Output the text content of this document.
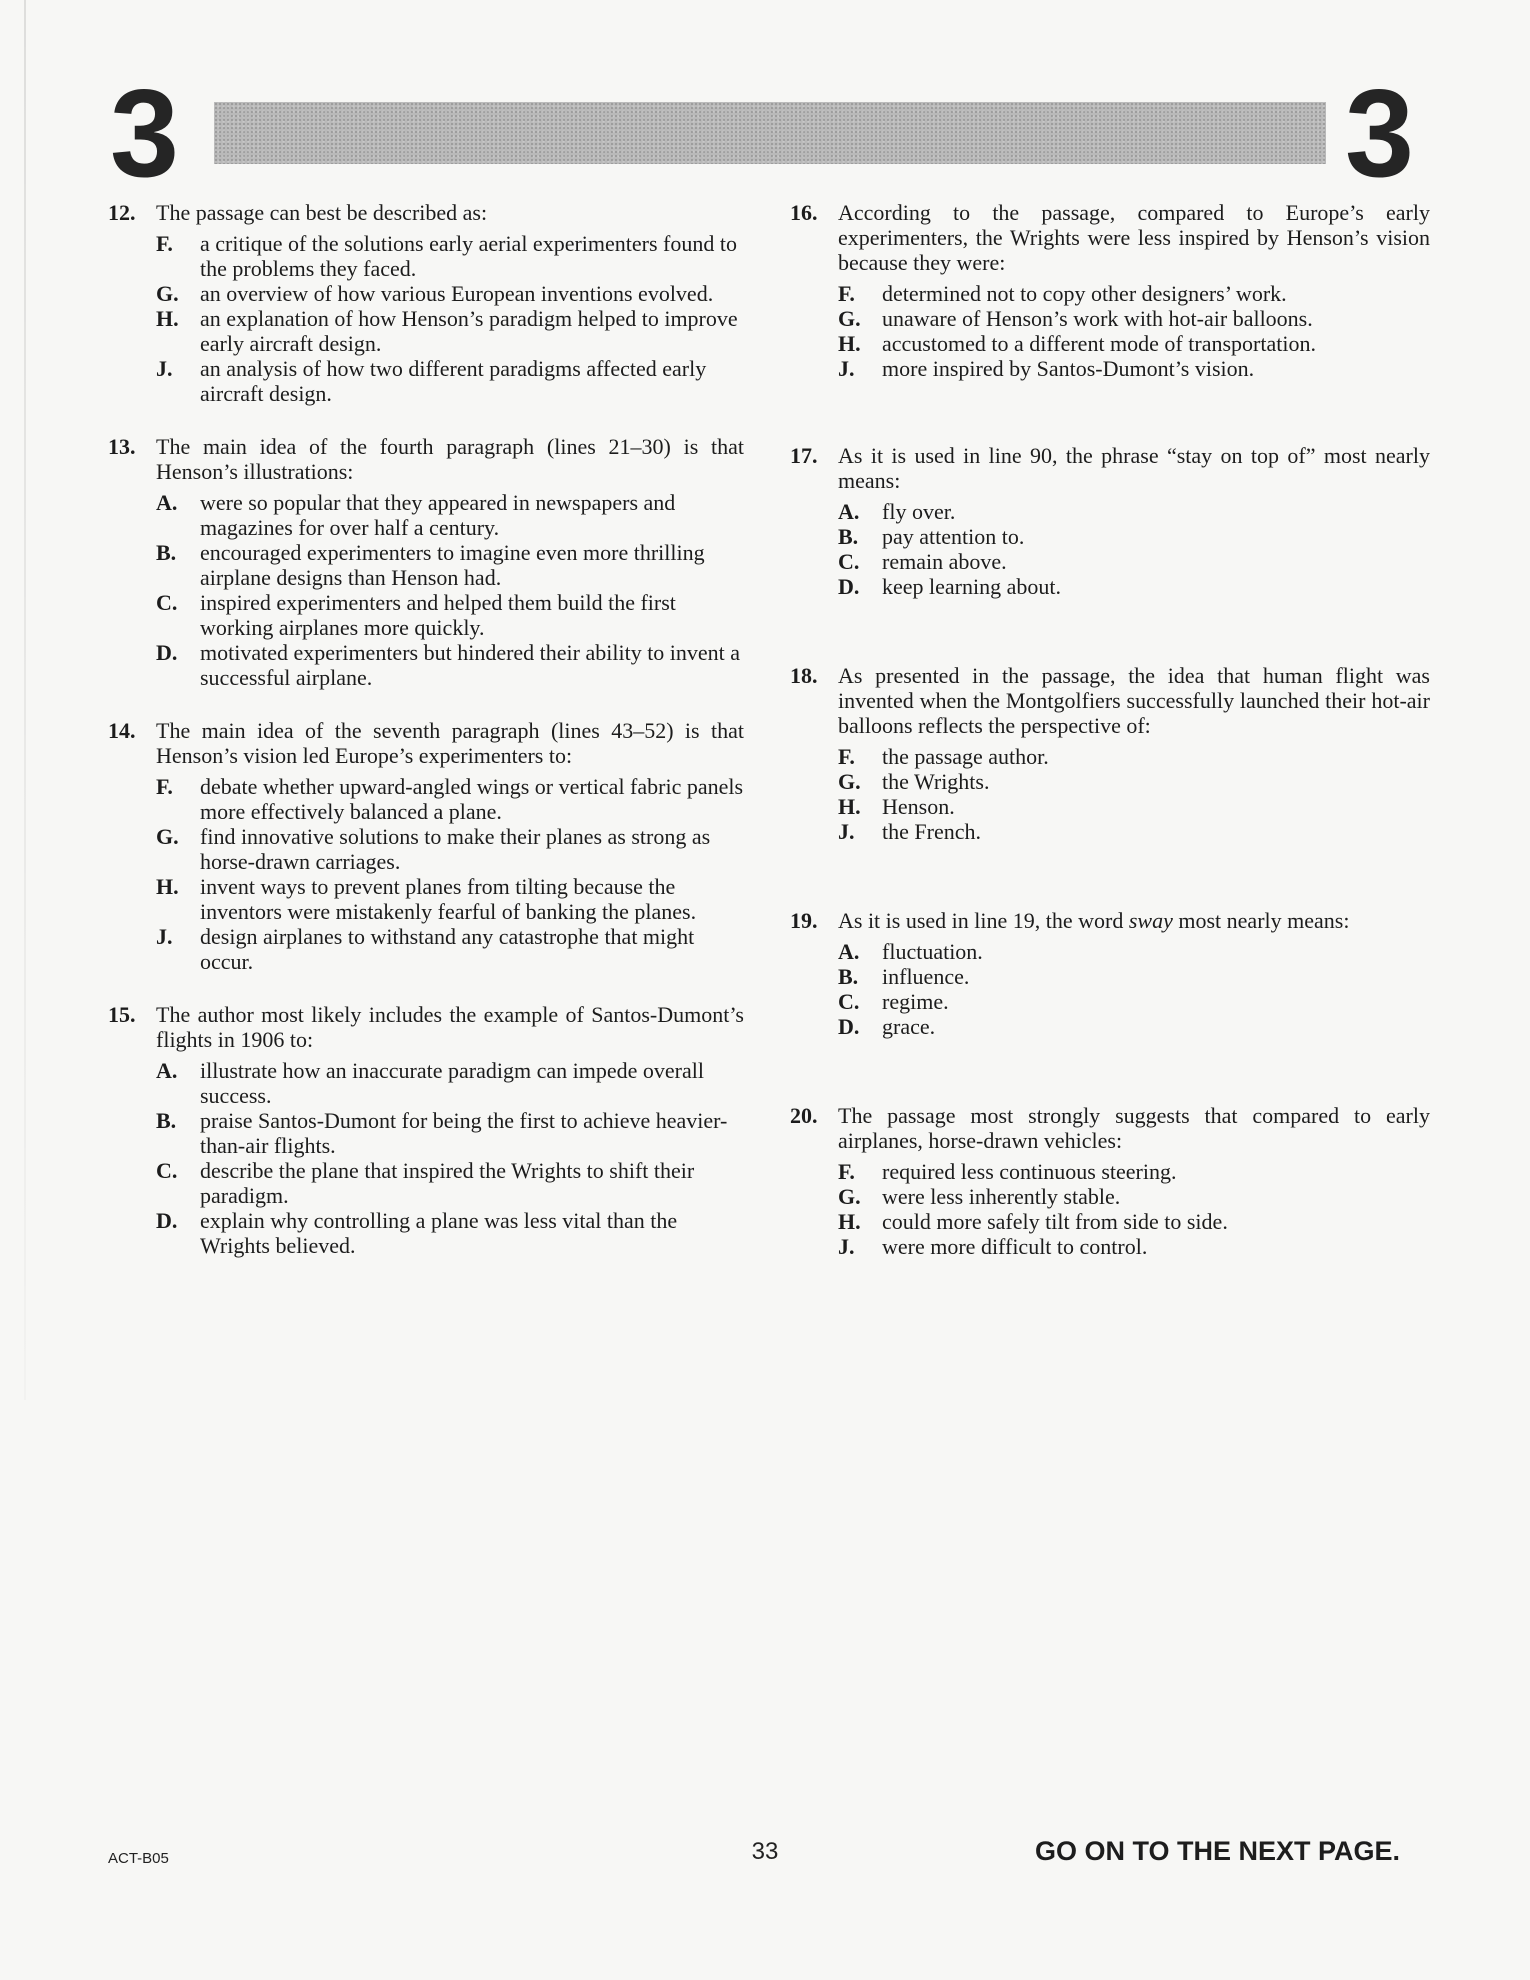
3	3
12. The passage can best be described as:
F. a critique of the solutions early aerial experimenters found to the problems they faced.
G. an overview of how various European inventions evolved.
H. an explanation of how Henson’s paradigm helped to improve early aircraft design.
J. an analysis of how two different paradigms affected early aircraft design.
13. The main idea of the fourth paragraph (lines 21–30) is that Henson’s illustrations:
A. were so popular that they appeared in newspapers and magazines for over half a century.
B. encouraged experimenters to imagine even more thrilling airplane designs than Henson had.
C. inspired experimenters and helped them build the first working airplanes more quickly.
D. motivated experimenters but hindered their ability to invent a successful airplane.
14. The main idea of the seventh paragraph (lines 43–52) is that Henson’s vision led Europe’s experimenters to:
F. debate whether upward-angled wings or vertical fabric panels more effectively balanced a plane.
G. find innovative solutions to make their planes as strong as horse-drawn carriages.
H. invent ways to prevent planes from tilting because the inventors were mistakenly fearful of banking the planes.
J. design airplanes to withstand any catastrophe that might occur.
15. The author most likely includes the example of Santos-Dumont’s flights in 1906 to:
A. illustrate how an inaccurate paradigm can impede overall success.
B. praise Santos-Dumont for being the first to achieve heavier-than-air flights.
C. describe the plane that inspired the Wrights to shift their paradigm.
D. explain why controlling a plane was less vital than the Wrights believed.
16. According to the passage, compared to Europe’s early experimenters, the Wrights were less inspired by Henson’s vision because they were:
F. determined not to copy other designers’ work.
G. unaware of Henson’s work with hot-air balloons.
H. accustomed to a different mode of transportation.
J. more inspired by Santos-Dumont’s vision.
17. As it is used in line 90, the phrase “stay on top of” most nearly means:
A. fly over.
B. pay attention to.
C. remain above.
D. keep learning about.
18. As presented in the passage, the idea that human flight was invented when the Montgolfiers successfully launched their hot-air balloons reflects the perspective of:
F. the passage author.
G. the Wrights.
H. Henson.
J. the French.
19. As it is used in line 19, the word sway most nearly means:
A. fluctuation.
B. influence.
C. regime.
D. grace.
20. The passage most strongly suggests that compared to early airplanes, horse-drawn vehicles:
F. required less continuous steering.
G. were less inherently stable.
H. could more safely tilt from side to side.
J. were more difficult to control.
ACT-B05	33	GO ON TO THE NEXT PAGE.
